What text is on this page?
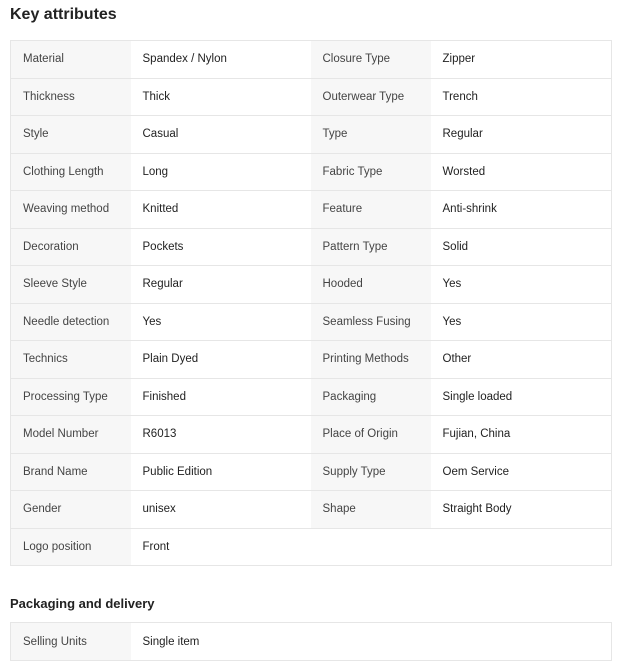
Key attributes
Material	Spandex / Nylon	Closure Type	Zipper
Thickness	Thick	Outerwear Type	Trench
Style	Casual	Type	Regular
Clothing Length	Long	Fabric Type	Worsted
Weaving method	Knitted	Feature	Anti-shrink
Decoration	Pockets	Pattern Type	Solid
Sleeve Style	Regular	Hooded	Yes
Needle detection	Yes	Seamless Fusing	Yes
Technics	Plain Dyed	Printing Methods	Other
Processing Type	Finished	Packaging	Single loaded
Model Number	R6013	Place of Origin	Fujian, China
Brand Name	Public Edition	Supply Type	Oem Service
Gender	unisex	Shape	Straight Body
Logo position	Front		
Packaging and delivery
Selling Units	Single item		
